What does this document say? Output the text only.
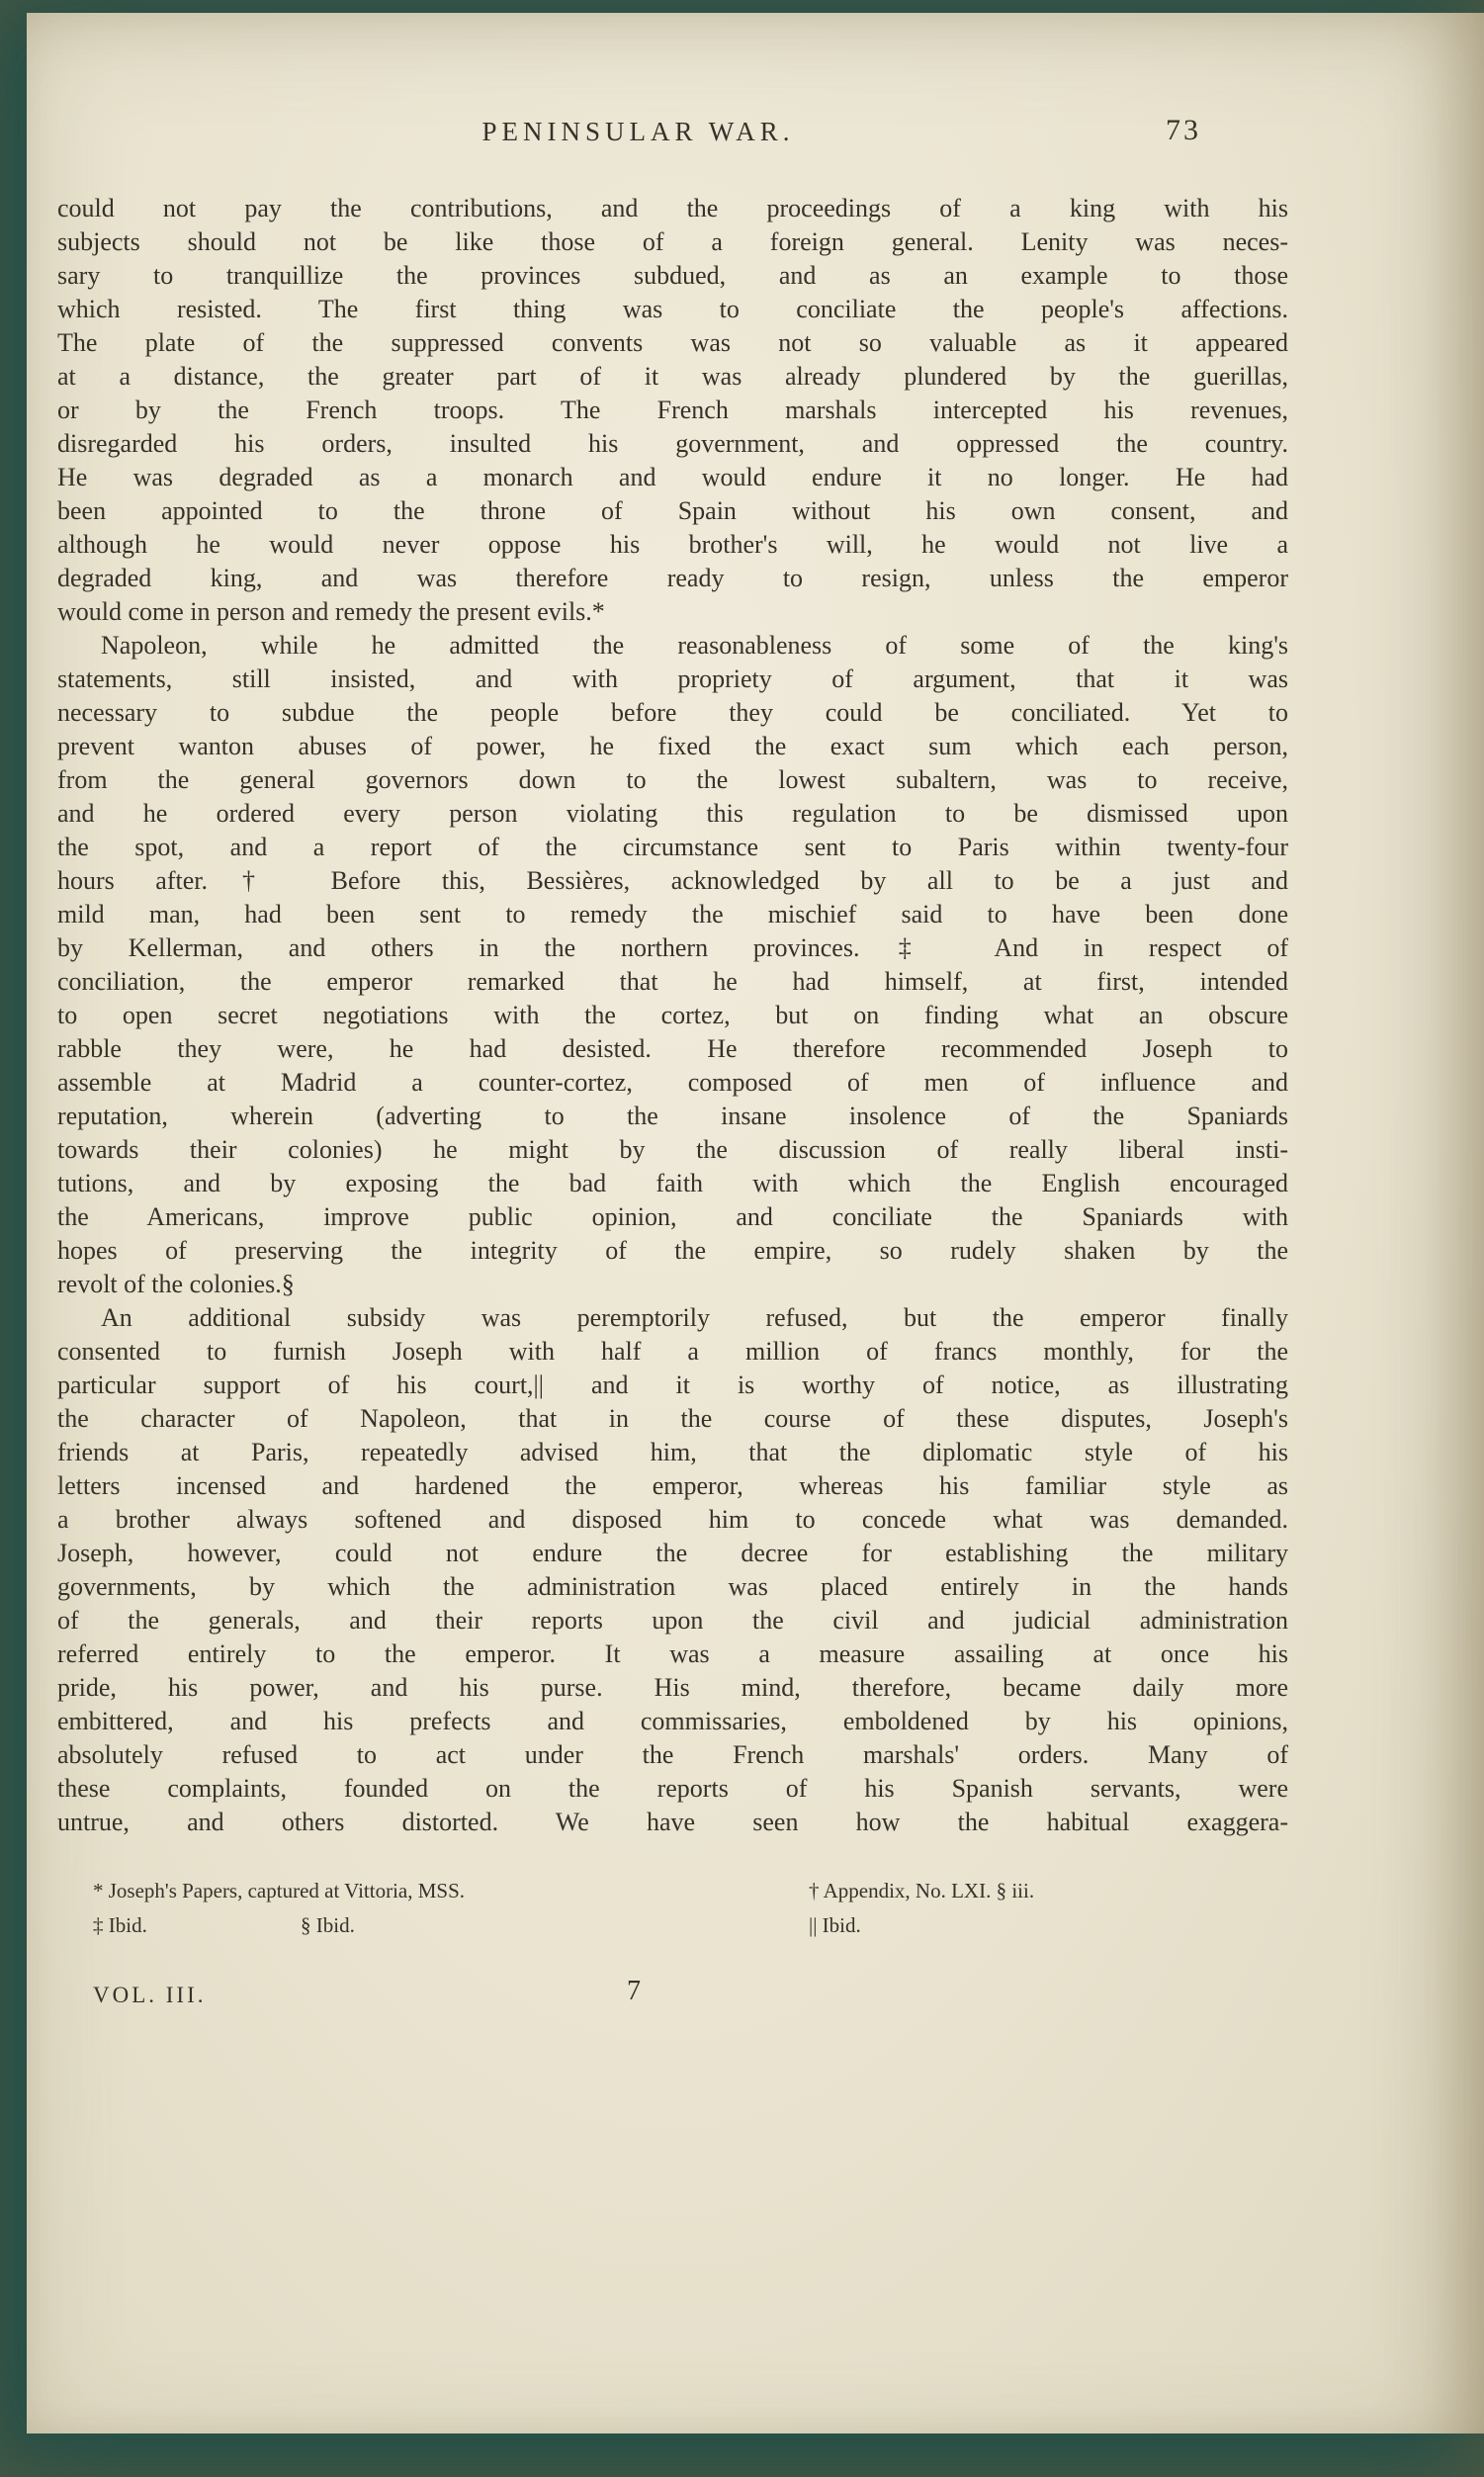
PENINSULAR WAR.	73
could not pay the contributions, and the proceedings of a king with his
subjects should not be like those of a foreign general. Lenity was neces-
sary to tranquillize the provinces subdued, and as an example to those
which resisted. The first thing was to conciliate the people's affections.
The plate of the suppressed convents was not so valuable as it appeared
at a distance, the greater part of it was already plundered by the guerillas,
or by the French troops. The French marshals intercepted his revenues,
disregarded his orders, insulted his government, and oppressed the country.
He was degraded as a monarch and would endure it no longer. He had
been appointed to the throne of Spain without his own consent, and
although he would never oppose his brother's will, he would not live a
degraded king, and was therefore ready to resign, unless the emperor
would come in person and remedy the present evils.*
Napoleon, while he admitted the reasonableness of some of the king's
statements, still insisted, and with propriety of argument, that it was
necessary to subdue the people before they could be conciliated. Yet to
prevent wanton abuses of power, he fixed the exact sum which each person,
from the general governors down to the lowest subaltern, was to receive,
and he ordered every person violating this regulation to be dismissed upon
the spot, and a report of the circumstance sent to Paris within twenty-four
hours after.† Before this, Bessières, acknowledged by all to be a just and
mild man, had been sent to remedy the mischief said to have been done
by Kellerman, and others in the northern provinces.‡ And in respect of
conciliation, the emperor remarked that he had himself, at first, intended
to open secret negotiations with the cortez, but on finding what an obscure
rabble they were, he had desisted. He therefore recommended Joseph to
assemble at Madrid a counter-cortez, composed of men of influence and
reputation, wherein (adverting to the insane insolence of the Spaniards
towards their colonies) he might by the discussion of really liberal insti-
tutions, and by exposing the bad faith with which the English encouraged
the Americans, improve public opinion, and conciliate the Spaniards with
hopes of preserving the integrity of the empire, so rudely shaken by the
revolt of the colonies.§
An additional subsidy was peremptorily refused, but the emperor finally
consented to furnish Joseph with half a million of francs monthly, for the
particular support of his court,|| and it is worthy of notice, as illustrating
the character of Napoleon, that in the course of these disputes, Joseph's
friends at Paris, repeatedly advised him, that the diplomatic style of his
letters incensed and hardened the emperor, whereas his familiar style as
a brother always softened and disposed him to concede what was demanded.
Joseph, however, could not endure the decree for establishing the military
governments, by which the administration was placed entirely in the hands
of the generals, and their reports upon the civil and judicial administration
referred entirely to the emperor. It was a measure assailing at once his
pride, his power, and his purse. His mind, therefore, became daily more
embittered, and his prefects and commissaries, emboldened by his opinions,
absolutely refused to act under the French marshals' orders. Many of
these complaints, founded on the reports of his Spanish servants, were
untrue, and others distorted. We have seen how the habitual exaggera-
* Joseph's Papers, captured at Vittoria, MSS.	† Appendix, No. LXI. § iii.
‡ Ibid.	§ Ibid.	|| Ibid.
VOL. III.	7
